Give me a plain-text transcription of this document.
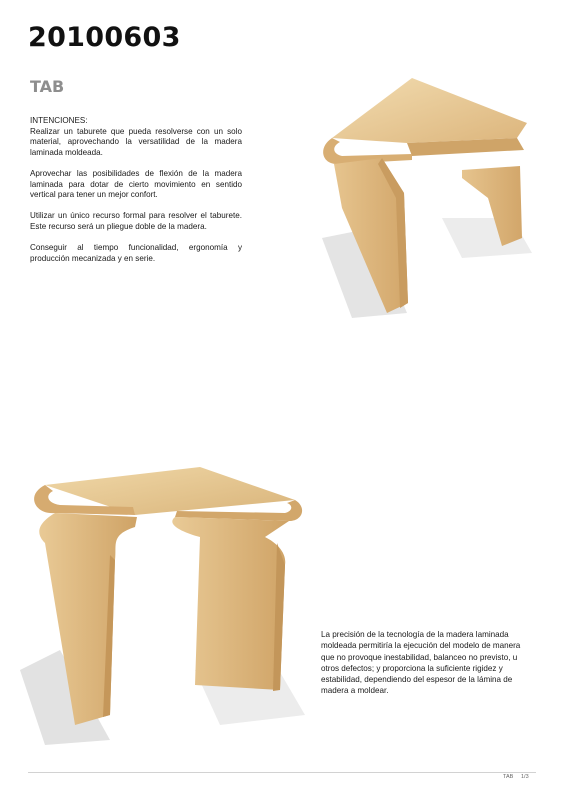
20100603
TAB
INTENCIONES:

Realizar un taburete que pueda resolverse con un solo material, aprovechando la versatilidad de la madera laminada moldeada.

Aprovechar las posibilidades de flexión de la madera laminada para dotar de cierto movimiento en sentido vertical para tener un mejor confort.

Utilizar un único recurso formal para resolver el taburete. Este recurso será un pliegue doble de la madera.

Conseguir al tiempo funcionalidad, ergonomía y producción mecanizada y en serie.

La precisión de la tecnología de la madera laminada moldeada permitiría la ejecución del modelo de manera que no provoque inestabilidad, balanceo no previsto, u otros defectos; y proporciona la suficiente rigidez y estabilidad, dependiendo del espesor de la lámina de madera a moldear.
TAB 1/3
